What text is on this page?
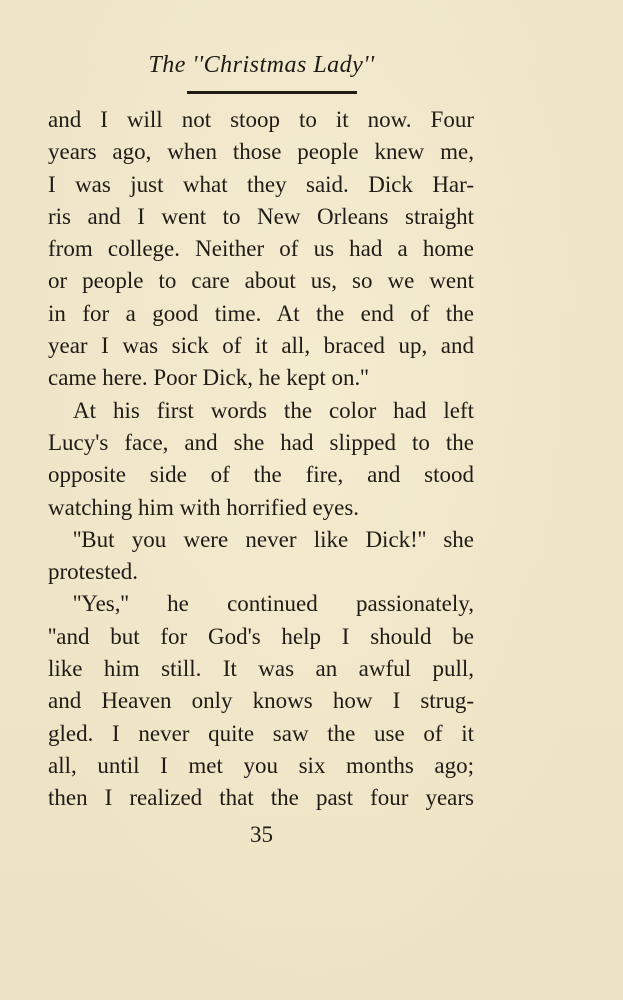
The ''Christmas Lady''
and I will not stoop to it now. Four
years ago, when those people knew me,
I was just what they said. Dick Har-
ris and I went to New Orleans straight
from college. Neither of us had a home
or people to care about us, so we went
in for a good time. At the end of the
year I was sick of it all, braced up, and
came here. Poor Dick, he kept on.''
At his first words the color had left
Lucy's face, and she had slipped to the
opposite side of the fire, and stood
watching him with horrified eyes.
''But you were never like Dick!'' she
protested.
''Yes,'' he continued passionately,
''and but for God's help I should be
like him still. It was an awful pull,
and Heaven only knows how I strug-
gled. I never quite saw the use of it
all, until I met you six months ago;
then I realized that the past four years
35
